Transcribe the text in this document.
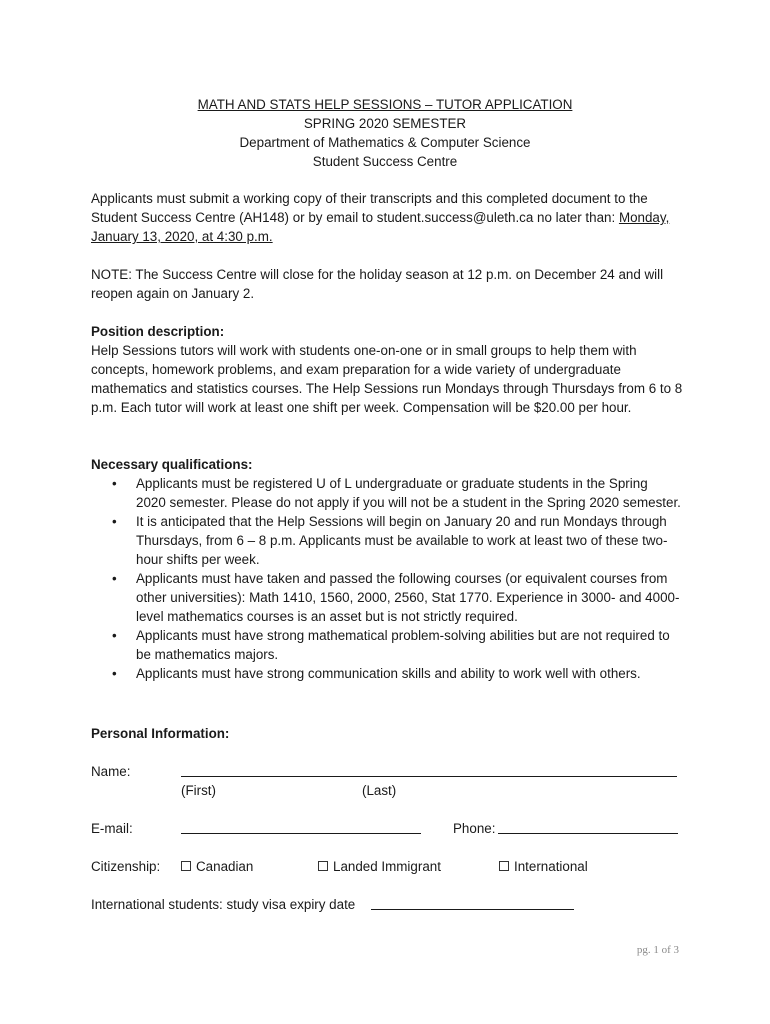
MATH AND STATS HELP SESSIONS – TUTOR APPLICATION
SPRING 2020 SEMESTER
Department of Mathematics & Computer Science
Student Success Centre
Applicants must submit a working copy of their transcripts and this completed document to the Student Success Centre (AH148) or by email to student.success@uleth.ca no later than: Monday, January 13, 2020, at 4:30 p.m.
NOTE: The Success Centre will close for the holiday season at 12 p.m. on December 24 and will reopen again on January 2.
Position description:
Help Sessions tutors will work with students one-on-one or in small groups to help them with concepts, homework problems, and exam preparation for a wide variety of undergraduate mathematics and statistics courses. The Help Sessions run Mondays through Thursdays from 6 to 8 p.m. Each tutor will work at least one shift per week. Compensation will be $20.00 per hour.
Necessary qualifications:
• Applicants must be registered U of L undergraduate or graduate students in the Spring 2020 semester. Please do not apply if you will not be a student in the Spring 2020 semester.
• It is anticipated that the Help Sessions will begin on January 20 and run Mondays through Thursdays, from 6 – 8 p.m. Applicants must be available to work at least two of these two-hour shifts per week.
• Applicants must have taken and passed the following courses (or equivalent courses from other universities): Math 1410, 1560, 2000, 2560, Stat 1770. Experience in 3000- and 4000- level mathematics courses is an asset but is not strictly required.
• Applicants must have strong mathematical problem-solving abilities but are not required to be mathematics majors.
• Applicants must have strong communication skills and ability to work well with others.
Personal Information:
Name:
(First)	(Last)
E-mail:	Phone:
Citizenship:	Canadian	Landed Immigrant	International
International students: study visa expiry date
pg. 1 of 3
